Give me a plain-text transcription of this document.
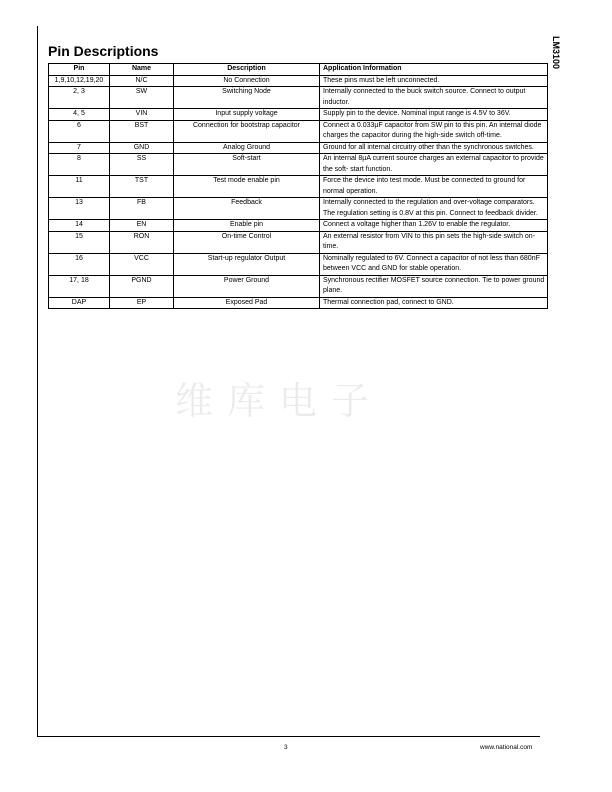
LM3100
Pin Descriptions
Pin	Name	Description	Application Information
1,9,10,12,19,20	N/C	No Connection	These pins must be left unconnected.
2, 3	SW	Switching Node	Internally connected to the buck switch source. Connect to output inductor.
4, 5	VIN	Input supply voltage	Supply pin to the device. Nominal input range is 4.5V to 36V.
6	BST	Connection for bootstrap capacitor	Connect a 0.033µF capacitor from SW pin to this pin. An internal diode charges the capacitor during the high-side switch off-time.
7	GND	Analog Ground	Ground for all internal circuitry other than the synchronous switches.
8	SS	Soft-start	An internal 8µA current source charges an external capacitor to provide the soft- start function.
11	TST	Test mode enable pin	Force the device into test mode. Must be connected to ground for normal operation.
13	FB	Feedback	Internally connected to the regulation and over-voltage comparators. The regulation setting is 0.8V at this pin. Connect to feedback divider.
14	EN	Enable pin	Connect a voltage higher than 1.26V to enable the regulator.
15	RON	On-time Control	An external resistor from VIN to this pin sets the high-side switch on-time.
16	VCC	Start-up regulator Output	Nominally regulated to 6V. Connect a capacitor of not less than 680nF between VCC and GND for stable operation.
17, 18	PGND	Power Ground	Synchronous rectifier MOSFET source connection. Tie to power ground plane.
DAP	EP	Exposed Pad	Thermal connection pad, connect to GND.
维库电子
3	www.national.com
